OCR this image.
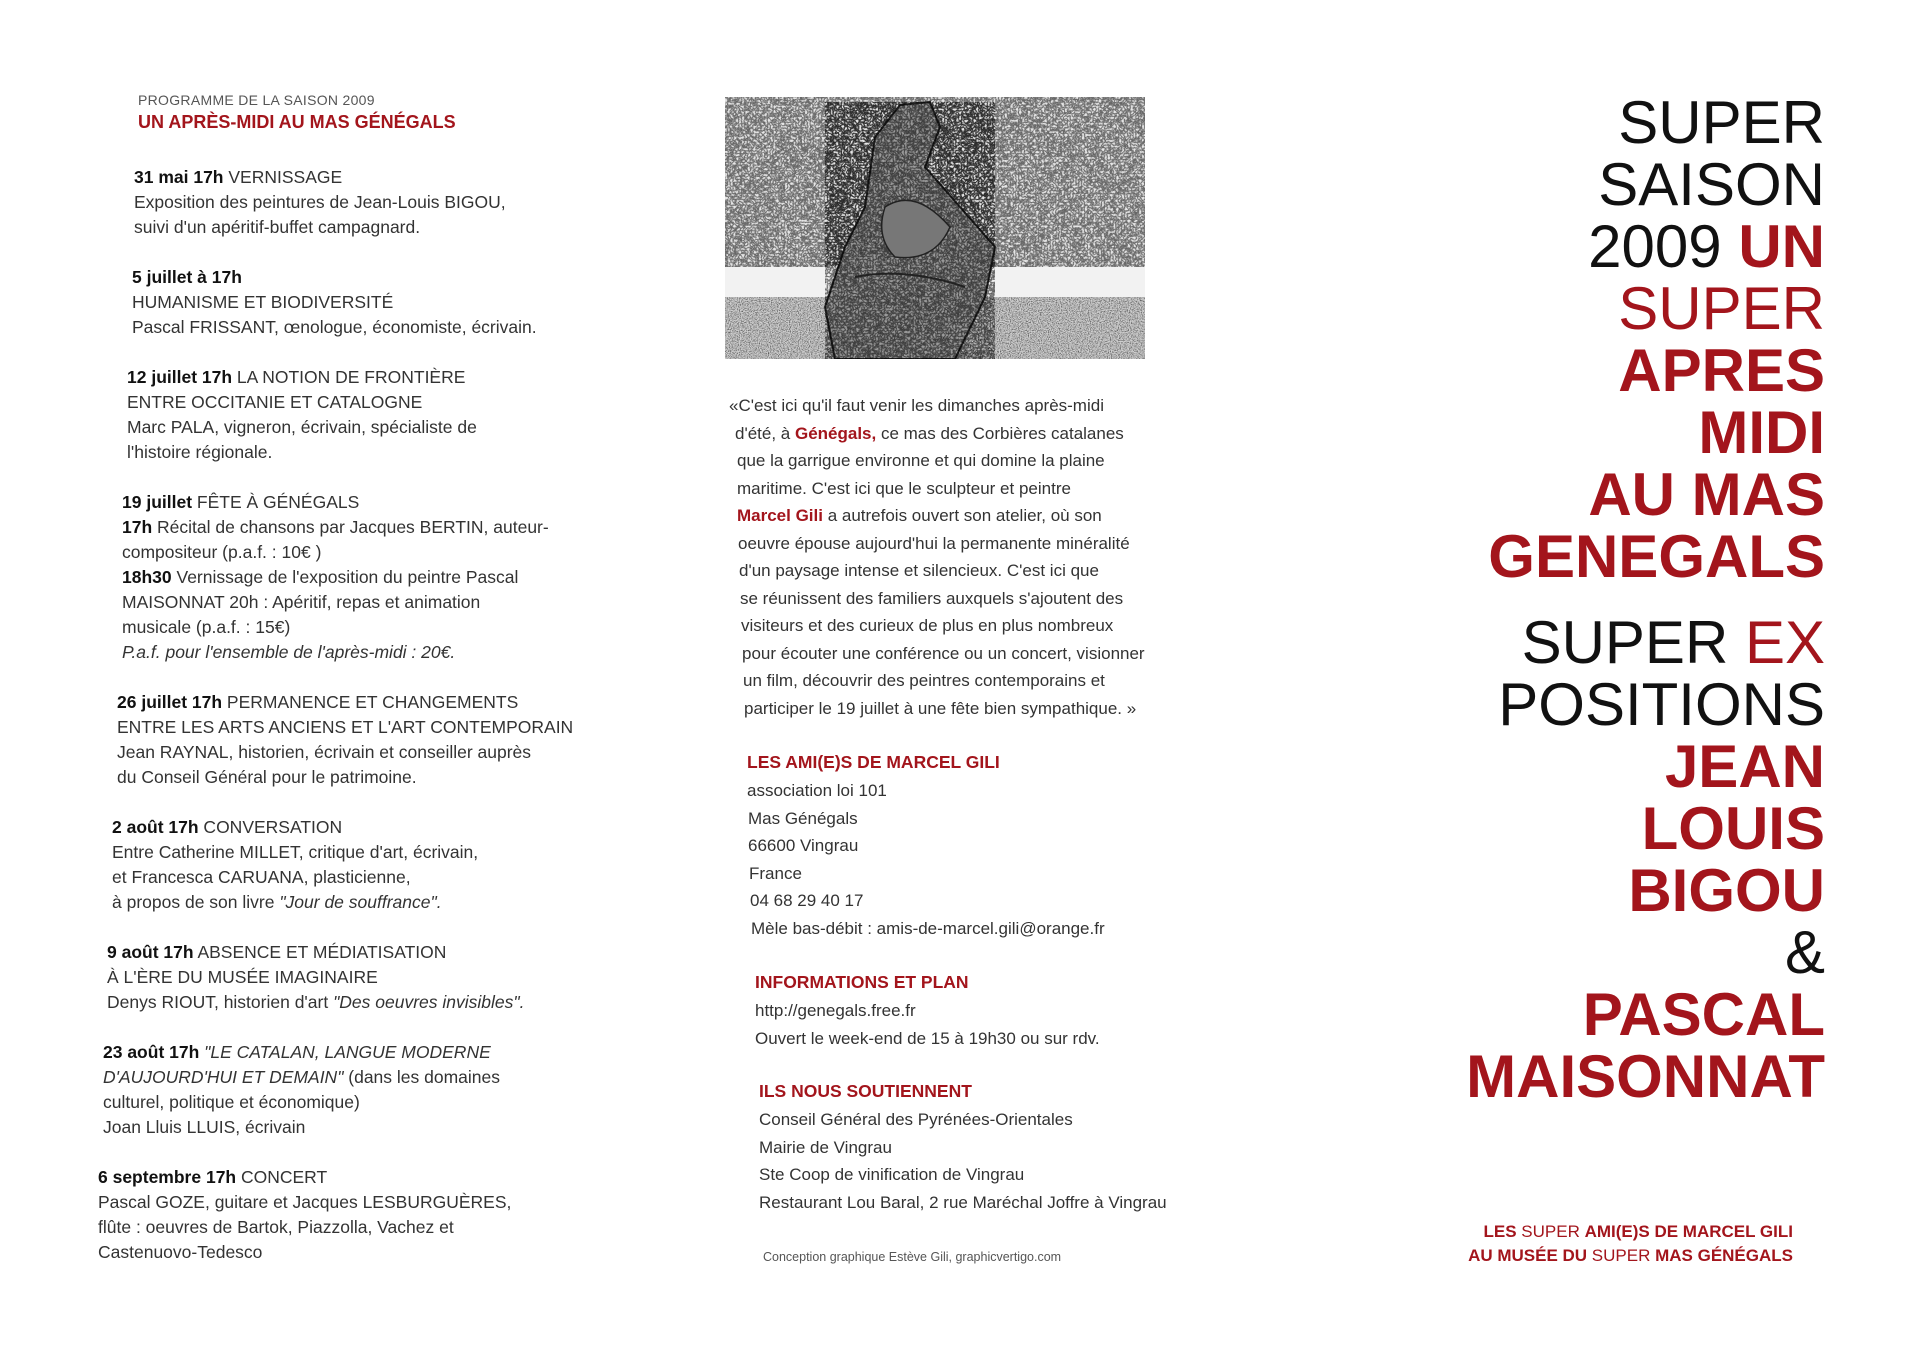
PROGRAMME DE LA SAISON 2009
UN APRÈS-MIDI AU MAS GÉNÉGALS

31 mai 17h VERNISSAGE

Exposition des peintures de Jean-Louis BIGOU,

suivi d'un apéritif-buffet campagnard.

5 juillet à 17h

HUMANISME ET BIODIVERSITÉ

Pascal FRISSANT, œnologue, économiste, écrivain.

12 juillet 17h LA NOTION DE FRONTIÈRE

ENTRE OCCITANIE ET CATALOGNE

Marc PALA, vigneron, écrivain, spécialiste de

l'histoire régionale.

19 juillet FÊTE À GÉNÉGALS

17h Récital de chansons par Jacques BERTIN, auteur-

compositeur (p.a.f. : 10€ )

18h30 Vernissage de l'exposition du peintre Pascal

MAISONNAT 20h : Apéritif, repas et animation

musicale (p.a.f. : 15€)

P.a.f. pour l'ensemble de l'après-midi : 20€.

26 juillet 17h PERMANENCE ET CHANGEMENTS

ENTRE LES ARTS ANCIENS ET L'ART CONTEMPORAIN

Jean RAYNAL, historien, écrivain et conseiller auprès

du Conseil Général pour le patrimoine.

2 août 17h CONVERSATION

Entre Catherine MILLET, critique d'art, écrivain,

et Francesca CARUANA, plasticienne,

à propos de son livre "Jour de souffrance".

9 août 17h ABSENCE ET MÉDIATISATION

À L'ÈRE DU MUSÉE IMAGINAIRE

Denys RIOUT, historien d'art "Des oeuvres invisibles".

23 août 17h "LE CATALAN, LANGUE MODERNE

D'AUJOURD'HUI ET DEMAIN" (dans les domaines

culturel, politique et économique)

Joan Lluis LLUIS, écrivain

6 septembre 17h CONCERT

Pascal GOZE, guitare et Jacques LESBURGUÈRES,

flûte : oeuvres de Bartok, Piazzolla, Vachez et

Castenuovo-Tedesco

«C'est ici qu'il faut venir les dimanches après-midi
d'été, à Génégals, ce mas des Corbières catalanes
que la garrigue environne et qui domine la plaine
maritime. C'est ici que le sculpteur et peintre
Marcel Gili a autrefois ouvert son atelier, où son
oeuvre épouse aujourd'hui la permanente minéralité
d'un paysage intense et silencieux. C'est ici que
se réunissent des familiers auxquels s'ajoutent des
visiteurs et des curieux de plus en plus nombreux
pour écouter une conférence ou un concert, visionner
un film, découvrir des peintres contemporains et
participer le 19 juillet à une fête bien sympathique. »
LES AMI(E)S DE MARCEL GILI
association loi 101
Mas Génégals
66600 Vingrau
France
04 68 29 40 17
Mèle bas-débit : amis-de-marcel.gili@orange.fr
INFORMATIONS ET PLAN
http://genegals.free.fr
Ouvert le week-end de 15 à 19h30 ou sur rdv.
ILS NOUS SOUTIENNENT
Conseil Général des Pyrénées-Orientales
Mairie de Vingrau
Ste Coop de vinification de Vingrau
Restaurant Lou Baral, 2 rue Maréchal Joffre à Vingrau
Conception graphique Estève Gili, graphicvertigo.com
SUPER
SAISON
2009 UN
SUPER
APRES
MIDI
AU MAS
GENEGALS
SUPER EX
POSITIONS
JEAN
LOUIS
BIGOU
&
PASCAL
MAISONNAT
LES SUPER AMI(E)S DE MARCEL GILI
AU MUSÉE DU SUPER MAS GÉNÉGALS
